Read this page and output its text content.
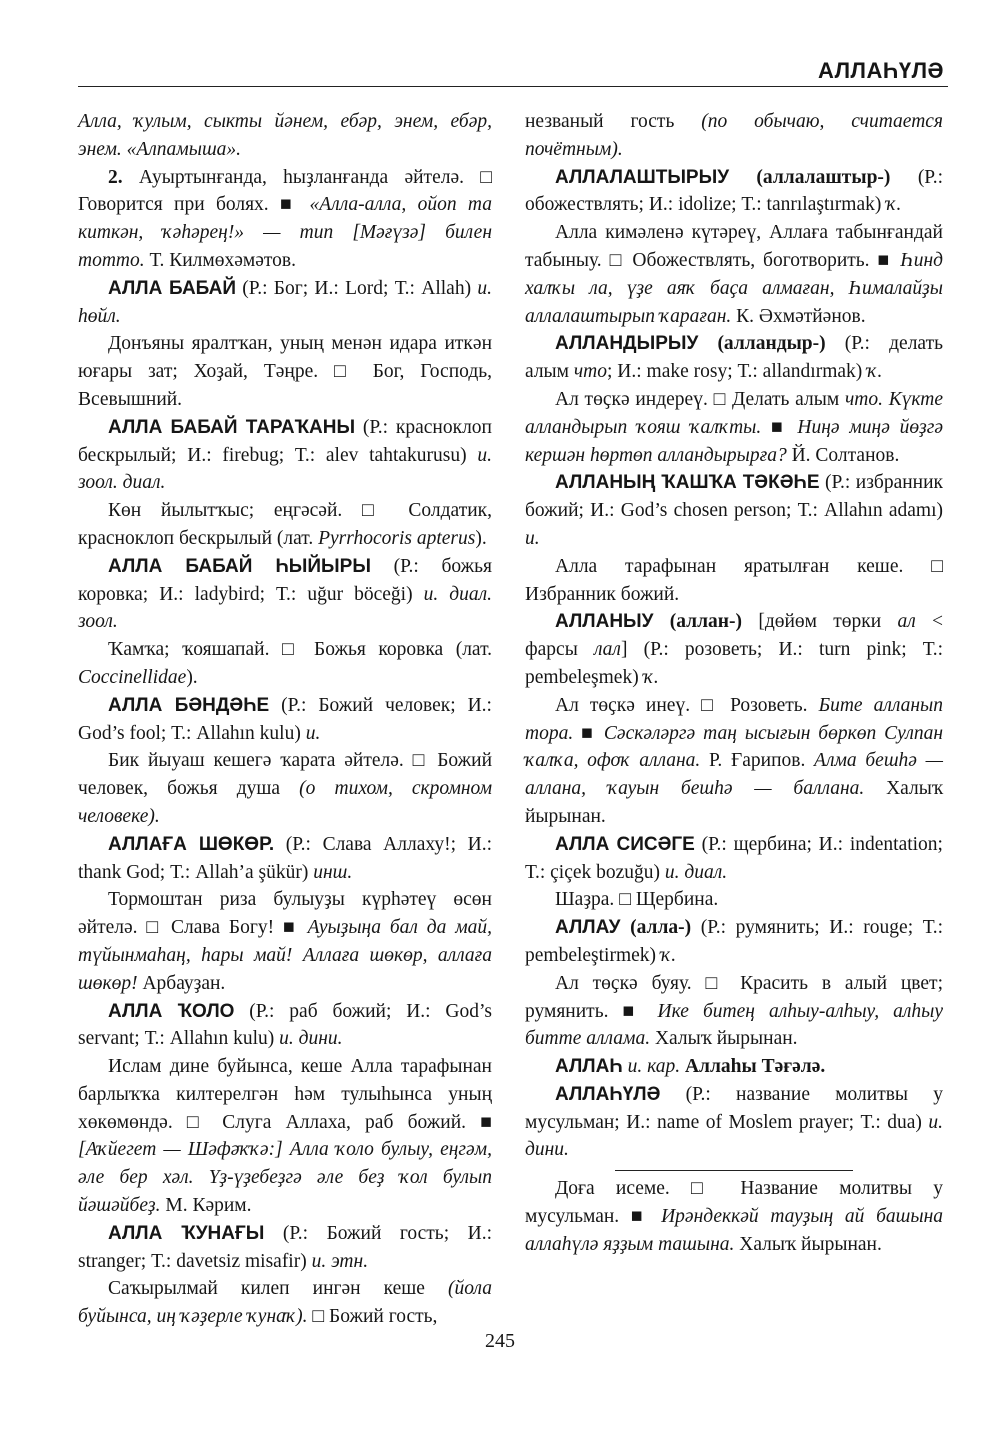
АЛЛАҺҮЛӘ

Алла, ҡулым, сыкты йәнем, ебәр, энем, ебәр, энем. «Алпамыша».

2. Ауыртынғанда, һыҙланғанда әйтелә. □ Говорится при болях. ■ «Алла-алла, ойоп та киткән, ҡәһәрең!» — тип [Мәғүзә] билен тотто. Т. Килмөхәмәтов.

АЛЛА БАБАЙ (Р.: Бог; И.: Lord; Т.: Allah) и. һөйл.

Донъяны яралтҡан, уның менән идара иткән юғары зат; Хоҙай, Тәңре. □ Бог, Господь, Всевышний.

АЛЛА БАБАЙ ТАРАҠАНЫ (Р.: красноклоп бескрылый; И.: firebug; Т.: alev tahtakurusu) и. зоол. диал.

Көн йылытҡыс; еңгәсәй. □ Солдатик, красноклоп бескрылый (лат. Pyrrhocoris apterus).

АЛЛА БАБАЙ ҺЫЙЫРЫ (Р.: божья коровка; И.: ladybird; Т.: uğur böceği) и. диал. зоол.

Ҡамҡа; ҡояшапай. □ Божья коровка (лат. Coccinellidae).

АЛЛА БӘНДӘҺЕ (Р.: Божий человек; И.: God’s fool; Т.: Allahın kulu) и.

Бик йыуаш кешегә ҡарата әйтелә. □ Божий человек, божья душа (о тихом, скромном человеке).

АЛЛАҒА ШӨКӨР. (Р.: Слава Аллаху!; И.: thank God; Т.: Allah’a şükür) инш.

Тормоштан риза булыуҙы күрһәтеү өсөн әйтелә. □ Слава Богу! ■ Ауыҙыңа бал да май, түйынмаһаң, һары май! Аллаға шөкөр, аллаға шөкөр! Арбауҙан.

АЛЛА ҠОЛО (Р.: раб божий; И.: God’s servant; Т.: Allahın kulu) и. дини.

Ислам дине буйынса, кеше Алла тарафынан барлыҡҡа килтерелгән һәм тулыһынса уның хөкөмөндә. □ Слуга Аллаха, раб божий. ■ [Аҡйегет — Шәфәҡҡә:] Алла ҡоло булыу, еңгәм, әле бер хәл. Үҙ-үҙебеҙгә әле беҙ ҡол булып йәшәйбеҙ. М. Кәрим.

АЛЛА ҠУНАҒЫ (Р.: Божий гость; И.: stranger; Т.: davetsiz misafir) и. этн.

Саҡырылмай килеп ингән кеше (йола буйынса, иң ҡәҙерле ҡунаҡ). □ Божий гость,

незваный гость (по обычаю, считается почётным).

АЛЛАЛАШТЫРЫУ (аллалаштыр-) (Р.: обожествлять; И.: idolize; Т.: tanrılaştırmak) ҡ.

Алла кимәленә күтәреү, Аллаға табынғандай табыныу. □ Обожествлять, боготворить. ■ Һинд халҡы ла, үҙе аяҡ баҫа алмаған, Һималайҙы аллалаштырып ҡараған. К. Әхмәтйәнов.

АЛЛАНДЫРЫУ (алландыр-) (Р.: делать алым что; И.: make rosy; Т.: allandırmak) ҡ.

Ал төҫкә индереү. □ Делать алым что. Күкте алландырып ҡояш ҡалҡты. ■ Ниңә миңә йөҙгә кершән һөртөп алландырырға? Й. Солтанов.

АЛЛАНЫҢ ҠАШҠА ТӘКӘҺЕ (Р.: избранник божий; И.: God’s chosen person; Т.: Allahın adamı) и.

Алла тарафынан яратылған кеше. □ Избранник божий.

АЛЛАНЫУ (аллан-) [дөйөм төрки ал < фарсы лал] (Р.: розоветь; И.: turn pink; Т.: pembeleşmek) ҡ.

Ал төҫкә инеү. □ Розоветь. Бите алланып тора. ■ Сәскәләргә таң ысығын бөркөп Сулпан ҡалҡа, офоҡ аллана. Р. Ғарипов. Алма бешһә — аллана, ҡауын бешһә — баллана. Халыҡ йырынан.

АЛЛА СИСӘГЕ (Р.: щербина; И.: indentation; Т.: çiçek bozuğu) и. диал.

Шаҙра. □ Щербина.

АЛЛАУ (алла-) (Р.: румянить; И.: rouge; Т.: pembeleştirmek) ҡ.

Ал төҫкә буяу. □ Красить в алый цвет; румянить. ■ Ике битең алһыу-алһыу, алһыу битте аллама. Халыҡ йырынан.

АЛЛАҺ и. кар. Аллаһы Тәғәлә.

АЛЛАҺҮЛӘ (Р.: название молитвы у мусульман; И.: name of Moslem prayer; Т.: dua) и. дини.

Доға исеме. □ Название молитвы у мусульман. ■ Ирәндеккәй тауҙың ай башына аллаһүлә яҙҙым ташына. Халыҡ йырынан.

245
